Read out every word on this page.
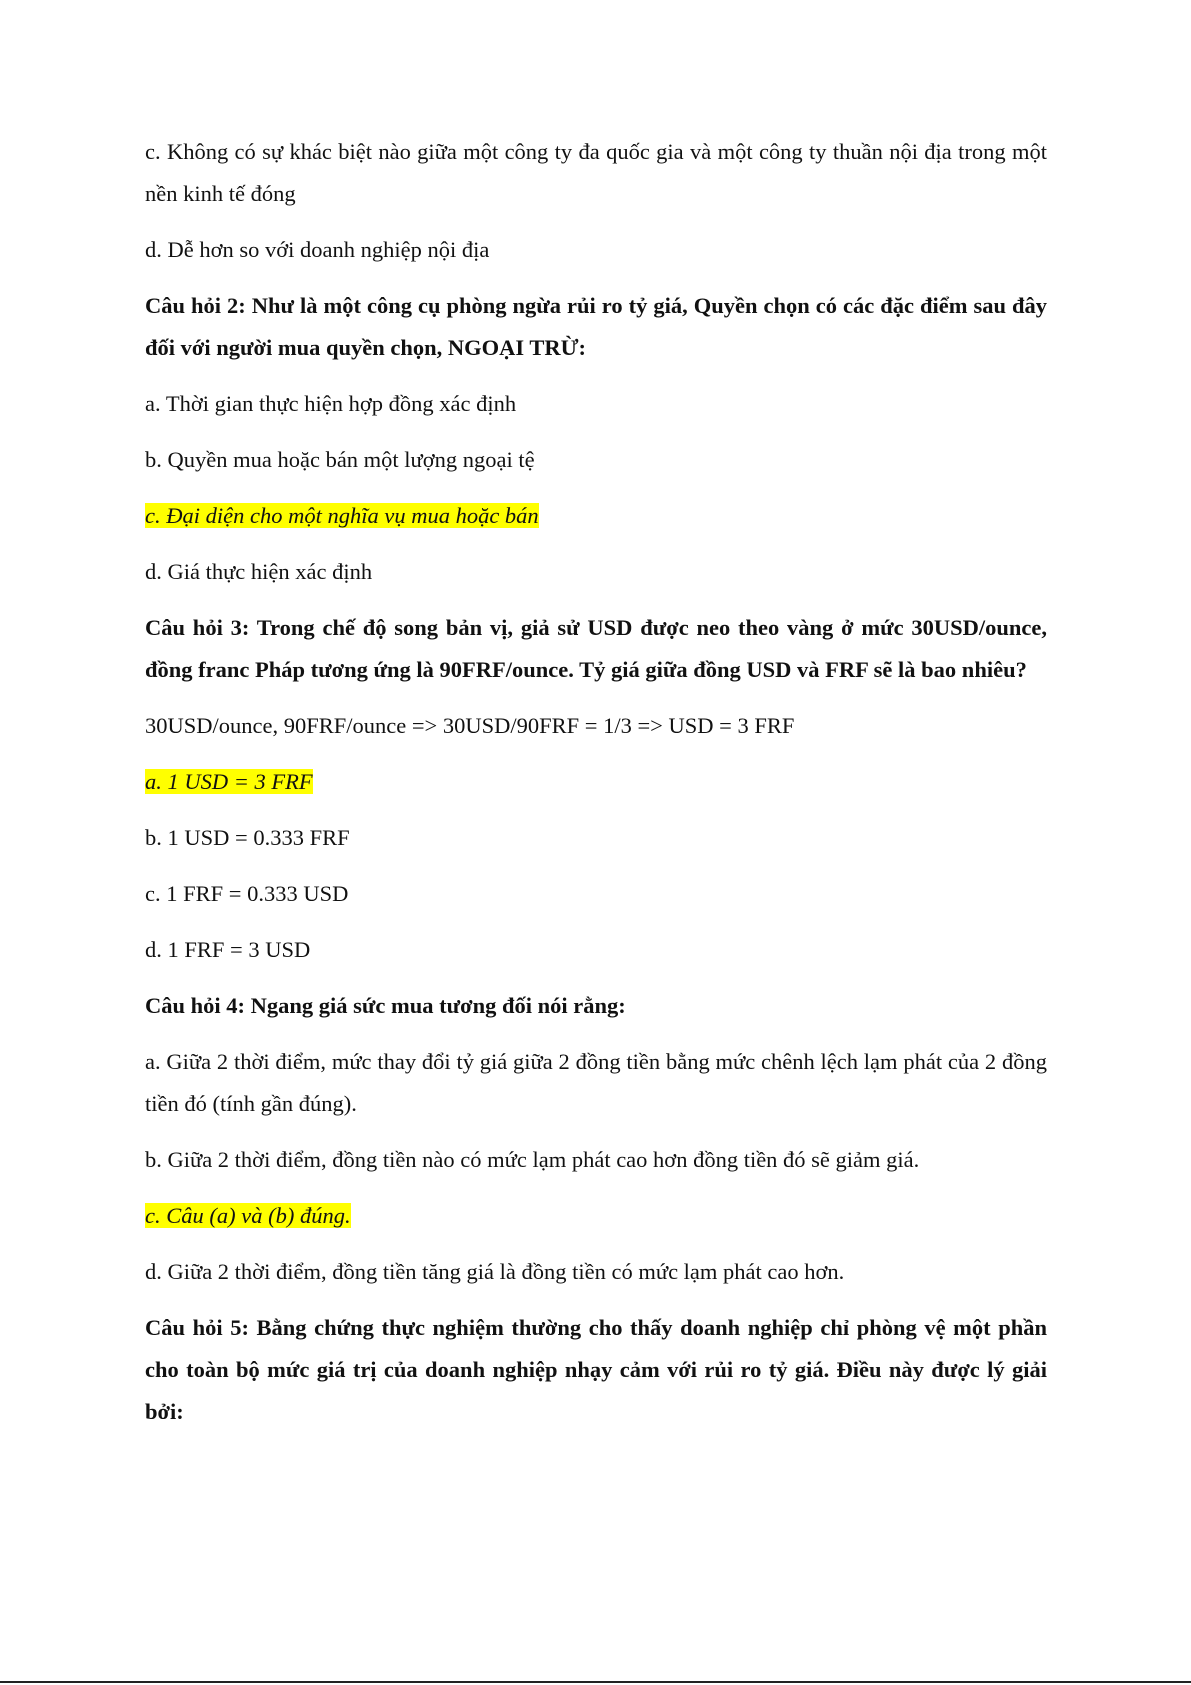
c. Không có sự khác biệt nào giữa một công ty đa quốc gia và một công ty thuần nội địa trong một nền kinh tế đóng

d. Dễ hơn so với doanh nghiệp nội địa

Câu hỏi 2: Như là một công cụ phòng ngừa rủi ro tỷ giá, Quyền chọn có các đặc điểm sau đây đối với người mua quyền chọn, NGOẠI TRỪ:

a. Thời gian thực hiện hợp đồng xác định

b. Quyền mua hoặc bán một lượng ngoại tệ

c. Đại diện cho một nghĩa vụ mua hoặc bán

d. Giá thực hiện xác định

Câu hỏi 3: Trong chế độ song bản vị, giả sử USD được neo theo vàng ở mức 30USD/ounce, đồng franc Pháp tương ứng là 90FRF/ounce. Tỷ giá giữa đồng USD và FRF sẽ là bao nhiêu?

30USD/ounce, 90FRF/ounce => 30USD/90FRF = 1/3 => USD = 3 FRF

a. 1 USD = 3 FRF

b. 1 USD = 0.333 FRF

c. 1 FRF = 0.333 USD

d. 1 FRF = 3 USD

Câu hỏi 4: Ngang giá sức mua tương đối nói rằng:

a. Giữa 2 thời điểm, mức thay đổi tỷ giá giữa 2 đồng tiền bằng mức chênh lệch lạm phát của 2 đồng tiền đó (tính gần đúng).

b. Giữa 2 thời điểm, đồng tiền nào có mức lạm phát cao hơn đồng tiền đó sẽ giảm giá.

c. Câu (a) và (b) đúng.

d. Giữa 2 thời điểm, đồng tiền tăng giá là đồng tiền có mức lạm phát cao hơn.

Câu hỏi 5: Bằng chứng thực nghiệm thường cho thấy doanh nghiệp chỉ phòng vệ một phần cho toàn bộ mức giá trị của doanh nghiệp nhạy cảm với rủi ro tỷ giá. Điều này được lý giải bởi:
